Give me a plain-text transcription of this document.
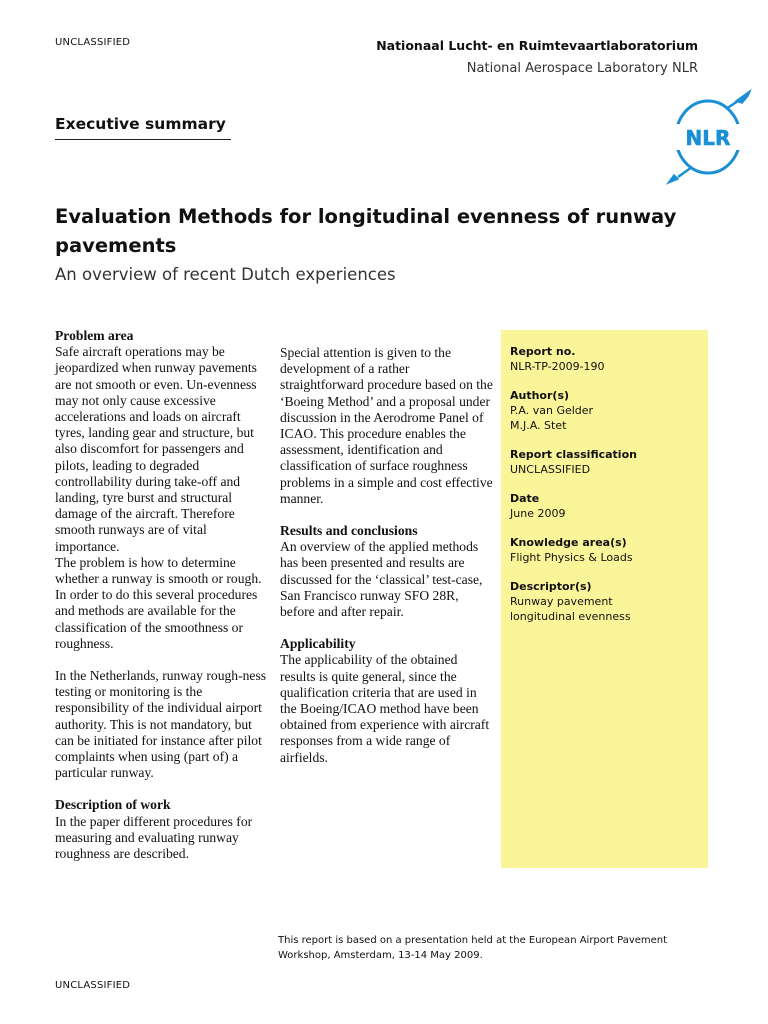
UNCLASSIFIED	Nationaal Lucht- en Ruimtevaartlaboratorium
National Aerospace Laboratory NLR
Executive summary
NLR
Evaluation Methods for longitudinal evenness of runway pavements
An overview of recent Dutch experiences
Problem area

Safe aircraft operations may be jeopardized when runway pavements are not smooth or even. Un-evenness may not only cause excessive accelerations and loads on aircraft tyres, landing gear and structure, but also discomfort for passengers and pilots, leading to degraded controllability during take-off and landing, tyre burst and structural damage of the aircraft. Therefore smooth runways are of vital importance.

The problem is how to determine whether a runway is smooth or rough. In order to do this several procedures and methods are available for the classification of the smoothness or roughness.

In the Netherlands, runway rough-ness testing or monitoring is the responsibility of the individual airport authority. This is not mandatory, but can be initiated for instance after pilot complaints when using (part of) a particular runway.

Description of work

In the paper different procedures for measuring and evaluating runway roughness are described.

Special attention is given to the development of a rather straightforward procedure based on the ‘Boeing Method’ and a proposal under discussion in the Aerodrome Panel of ICAO. This procedure enables the assessment, identification and classification of surface roughness problems in a simple and cost effective manner.

Results and conclusions

An overview of the applied methods has been presented and results are discussed for the ‘classical’ test-case, San Francisco runway SFO 28R, before and after repair.

Applicability

The applicability of the obtained results is quite general, since the qualification criteria that are used in the Boeing/ICAO method have been obtained from experience with aircraft responses from a wide range of airfields.

Report no.
NLR-TP-2009-190
Author(s)
P.A. van Gelder
M.J.A. Stet
Report classification
UNCLASSIFIED
Date
June 2009
Knowledge area(s)
Flight Physics & Loads
Descriptor(s)
Runway pavement
longitudinal evenness
This report is based on a presentation held at the European Airport Pavement Workshop, Amsterdam, 13-14 May 2009.
UNCLASSIFIED
